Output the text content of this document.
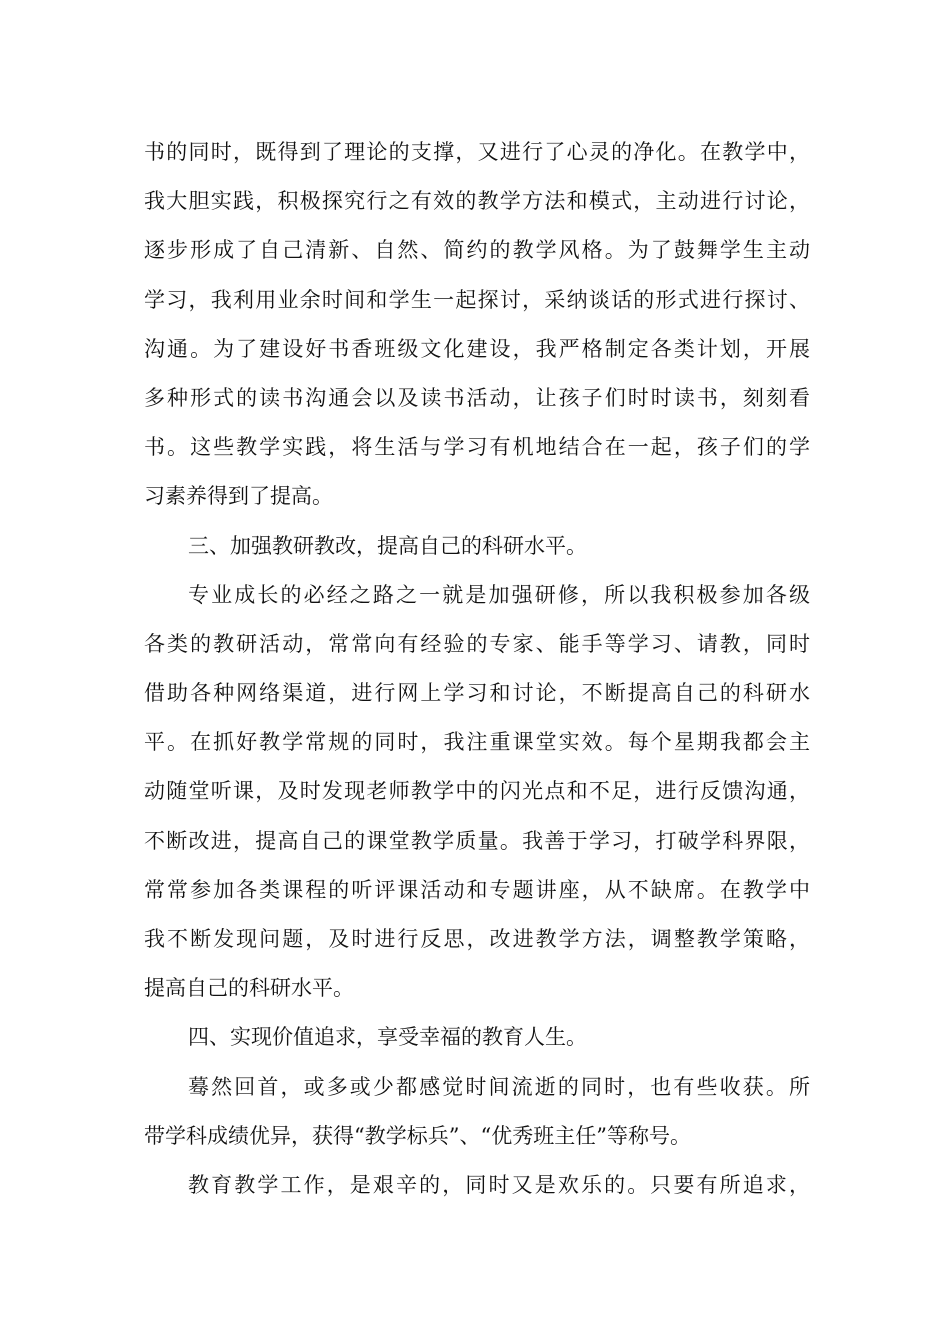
书的同时，既得到了理论的支撑，又进行了心灵的净化。在教学中，
我大胆实践，积极探究行之有效的教学方法和模式，主动进行讨论，
逐步形成了自己清新、自然、简约的教学风格。为了鼓舞学生主动
学习，我利用业余时间和学生一起探讨，采纳谈话的形式进行探讨、
沟通。为了建设好书香班级文化建设，我严格制定各类计划，开展
多种形式的读书沟通会以及读书活动，让孩子们时时读书，刻刻看
书。这些教学实践，将生活与学习有机地结合在一起，孩子们的学
习素养得到了提高。
三、加强教研教改，提高自己的科研水平。
专业成长的必经之路之一就是加强研修，所以我积极参加各级
各类的教研活动，常常向有经验的专家、能手等学习、请教，同时
借助各种网络渠道，进行网上学习和讨论，不断提高自己的科研水
平。在抓好教学常规的同时，我注重课堂实效。每个星期我都会主
动随堂听课，及时发现老师教学中的闪光点和不足，进行反馈沟通，
不断改进，提高自己的课堂教学质量。我善于学习，打破学科界限，
常常参加各类课程的听评课活动和专题讲座，从不缺席。在教学中
我不断发现问题，及时进行反思，改进教学方法，调整教学策略，
提高自己的科研水平。
四、实现价值追求，享受幸福的教育人生。
蓦然回首，或多或少都感觉时间流逝的同时，也有些收获。所
带学科成绩优异，获得“教学标兵”、“优秀班主任”等称号。
教育教学工作，是艰辛的，同时又是欢乐的。只要有所追求，
